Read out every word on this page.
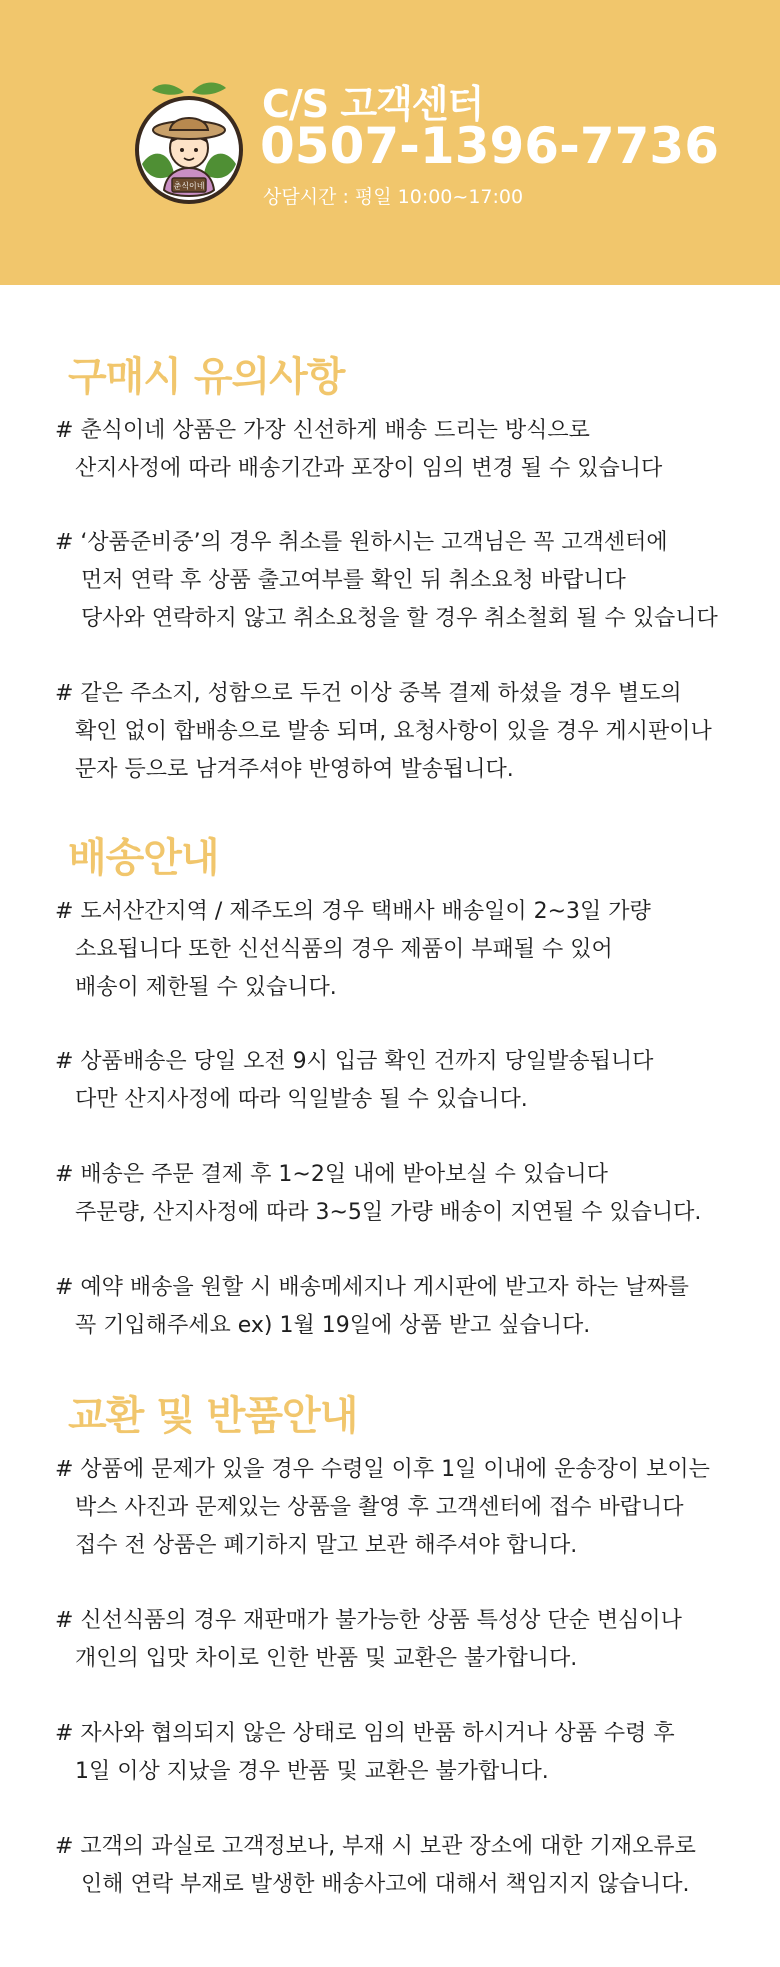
춘식이네
C/S 고객센터
0507-1396-7736
상담시간 : 평일 10:00~17:00
구매시 유의사항
# 춘식이네 상품은 가장 신선하게 배송 드리는 방식으로
산지사정에 따라 배송기간과 포장이 임의 변경 될 수 있습니다
# ‘상품준비중’의 경우 취소를 원하시는 고객님은 꼭 고객센터에
먼저 연락 후 상품 출고여부를 확인 뒤 취소요청 바랍니다
당사와 연락하지 않고 취소요청을 할 경우 취소철회 될 수 있습니다
# 같은 주소지, 성함으로 두건 이상 중복 결제 하셨을 경우 별도의
확인 없이 합배송으로 발송 되며, 요청사항이 있을 경우 게시판이나
문자 등으로 남겨주셔야 반영하여 발송됩니다.
배송안내
# 도서산간지역 / 제주도의 경우 택배사 배송일이 2~3일 가량
소요됩니다 또한 신선식품의 경우 제품이 부패될 수 있어
배송이 제한될 수 있습니다.
# 상품배송은 당일 오전 9시 입금 확인 건까지 당일발송됩니다
다만 산지사정에 따라 익일발송 될 수 있습니다.
# 배송은 주문 결제 후 1~2일 내에 받아보실 수 있습니다
주문량, 산지사정에 따라 3~5일 가량 배송이 지연될 수 있습니다.
# 예약 배송을 원할 시 배송메세지나 게시판에 받고자 하는 날짜를
꼭 기입해주세요 ex) 1월 19일에 상품 받고 싶습니다.
교환 및 반품안내
# 상품에 문제가 있을 경우 수령일 이후 1일 이내에 운송장이 보이는
박스 사진과 문제있는 상품을 촬영 후 고객센터에 접수 바랍니다
접수 전 상품은 폐기하지 말고 보관 해주셔야 합니다.
# 신선식품의 경우 재판매가 불가능한 상품 특성상 단순 변심이나
개인의 입맛 차이로 인한 반품 및 교환은 불가합니다.
# 자사와 협의되지 않은 상태로 임의 반품 하시거나 상품 수령 후
1일 이상 지났을 경우 반품 및 교환은 불가합니다.
# 고객의 과실로 고객정보나, 부재 시 보관 장소에 대한 기재오류로
인해 연락 부재로 발생한 배송사고에 대해서 책임지지 않습니다.
